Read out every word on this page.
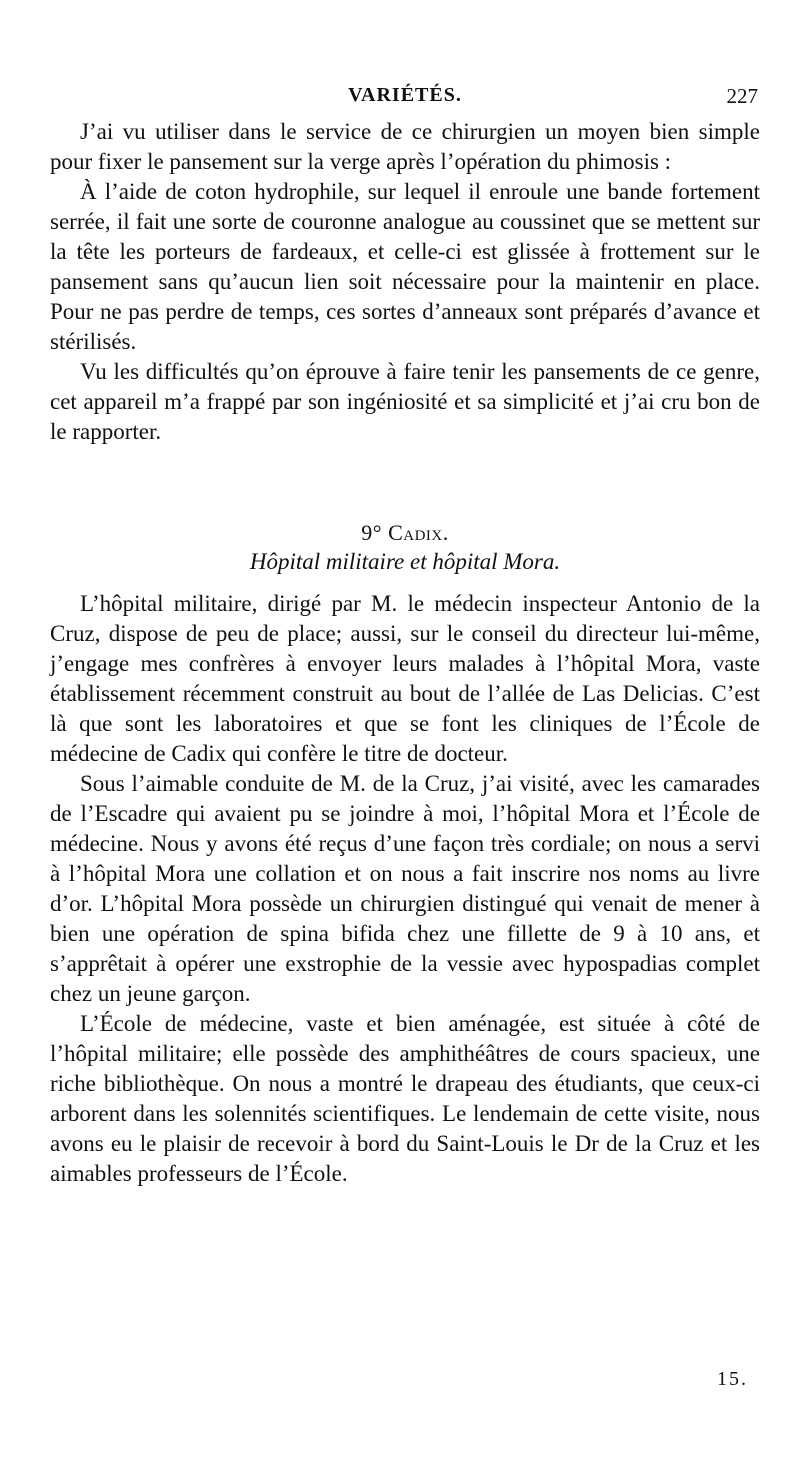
VARIÉTÉS.	227

J’ai vu utiliser dans le service de ce chirurgien un moyen bien simple pour fixer le pansement sur la verge après l’opération du phimosis :

À l’aide de coton hydrophile, sur lequel il enroule une bande fortement serrée, il fait une sorte de couronne analogue au coussinet que se mettent sur la tête les porteurs de fardeaux, et celle-ci est glissée à frottement sur le pansement sans qu’aucun lien soit nécessaire pour la maintenir en place. Pour ne pas perdre de temps, ces sortes d’anneaux sont préparés d’avance et stérilisés.

Vu les difficultés qu’on éprouve à faire tenir les pansements de ce genre, cet appareil m’a frappé par son ingéniosité et sa simplicité et j’ai cru bon de le rapporter.

9° Cadix.
Hôpital militaire et hôpital Mora.

L’hôpital militaire, dirigé par M. le médecin inspecteur Antonio de la Cruz, dispose de peu de place; aussi, sur le conseil du directeur lui-même, j’engage mes confrères à envoyer leurs malades à l’hôpital Mora, vaste établissement récemment construit au bout de l’allée de Las Delicias. C’est là que sont les laboratoires et que se font les cliniques de l’École de médecine de Cadix qui confère le titre de docteur.

Sous l’aimable conduite de M. de la Cruz, j’ai visité, avec les camarades de l’Escadre qui avaient pu se joindre à moi, l’hôpital Mora et l’École de médecine. Nous y avons été reçus d’une façon très cordiale; on nous a servi à l’hôpital Mora une collation et on nous a fait inscrire nos noms au livre d’or. L’hôpital Mora possède un chirurgien distingué qui venait de mener à bien une opération de spina bifida chez une fillette de 9 à 10 ans, et s’apprêtait à opérer une exstrophie de la vessie avec hypospadias complet chez un jeune garçon.

L’École de médecine, vaste et bien aménagée, est située à côté de l’hôpital militaire; elle possède des amphithéâtres de cours spacieux, une riche bibliothèque. On nous a montré le drapeau des étudiants, que ceux-ci arborent dans les solennités scientifiques. Le lendemain de cette visite, nous avons eu le plaisir de recevoir à bord du Saint-Louis le Dr de la Cruz et les aimables professeurs de l’École.

15.
